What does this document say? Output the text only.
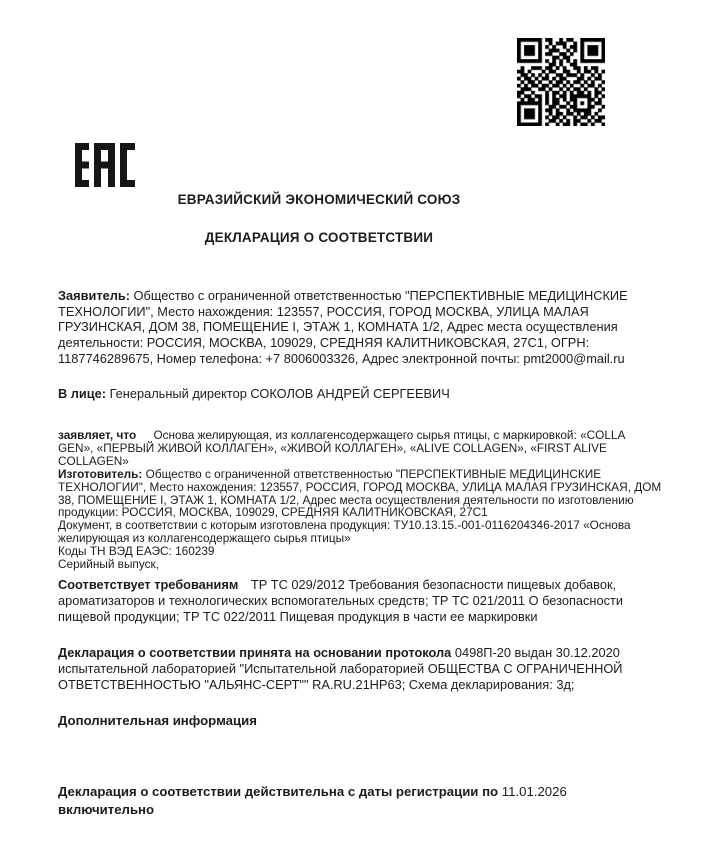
ЕВРАЗИЙСКИЙ ЭКОНОМИЧЕСКИЙ СОЮЗ
ДЕКЛАРАЦИЯ О СООТВЕТСТВИИ
Заявитель: Общество с ограниченной ответственностью "ПЕРСПЕКТИВНЫЕ МЕДИЦИНСКИЕ ТЕХНОЛОГИИ", Место нахождения: 123557, РОССИЯ, ГОРОД МОСКВА, УЛИЦА МАЛАЯ ГРУЗИНСКАЯ, ДОМ 38, ПОМЕЩЕНИЕ I, ЭТАЖ 1, КОМНАТА 1/2, Адрес места осуществления деятельности: РОССИЯ, МОСКВА, 109029, СРЕДНЯЯ КАЛИТНИКОВСКАЯ, 27С1, ОГРН: 1187746289675, Номер телефона: +7 8006003326, Адрес электронной почты: pmt2000@mail.ru
В лице: Генеральный директор СОКОЛОВ АНДРЕЙ СЕРГЕЕВИЧ
заявляет, что Основа желирующая, из коллагенсодержащего сырья птицы, с маркировкой: «COLLA GEN», «ПЕРВЫЙ ЖИВОЙ КОЛЛАГЕН», «ЖИВОЙ КОЛЛАГЕН», «ALIVE COLLAGEN», «FIRST ALIVE COLLAGEN»
Изготовитель: Общество с ограниченной ответственностью "ПЕРСПЕКТИВНЫЕ МЕДИЦИНСКИЕ ТЕХНОЛОГИИ", Место нахождения: 123557, РОССИЯ, ГОРОД МОСКВА, УЛИЦА МАЛАЯ ГРУЗИНСКАЯ, ДОМ 38, ПОМЕЩЕНИЕ I, ЭТАЖ 1, КОМНАТА 1/2, Адрес места осуществления деятельности по изготовлению продукции: РОССИЯ, МОСКВА, 109029, СРЕДНЯЯ КАЛИТНИКОВСКАЯ, 27С1
Документ, в соответствии с которым изготовлена продукция: ТУ10.13.15.-001-0116204346-2017 «Основа желирующая из коллагенсодержащего сырья птицы»
Коды ТН ВЭД ЕАЭС: 160239
Серийный выпуск,
Соответствует требованиям ТР ТС 029/2012 Требования безопасности пищевых добавок, ароматизаторов и технологических вспомогательных средств; ТР ТС 021/2011 О безопасности пищевой продукции; ТР ТС 022/2011 Пищевая продукция в части ее маркировки
Декларация о соответствии принята на основании протокола 0498П-20 выдан 30.12.2020 испытательной лабораторией "Испытательной лабораторией ОБЩЕСТВА С ОГРАНИЧЕННОЙ ОТВЕТСТВЕННОСТЬЮ "АЛЬЯНС-СЕРТ"" RA.RU.21НР63; Схема декларирования: 3д;
Дополнительная информация
Декларация о соответствии действительна с даты регистрации по 11.01.2026
включительно
